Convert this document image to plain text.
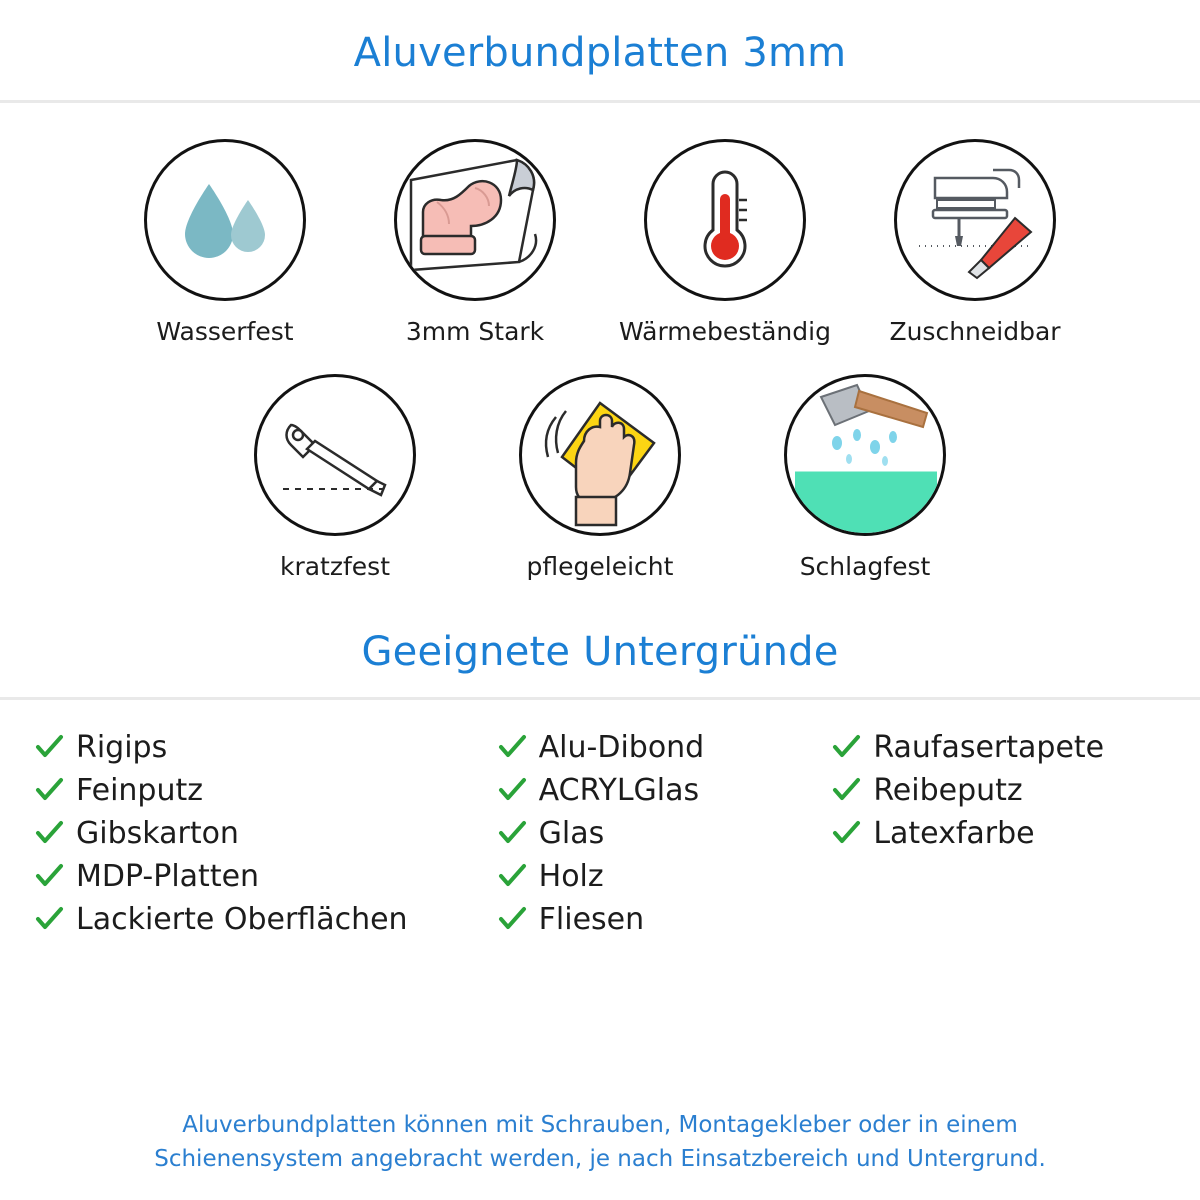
Aluverbundplatten 3mm
Wasserfest	3mm Stark	Wärmebeständig Zuschneidbar
kratzfest	pflegeleicht	Schlagfest
Geeignete Untergründe
Rigips
Feinputz
Gibskarton
MDP-Platten
Lackierte Oberflächen
Alu-Dibond
ACRYLGlas
Glas
Holz
Fliesen
Raufasertapete
Reibeputz
Latexfarbe
Aluverbundplatten können mit Schrauben, Montagekleber oder in einem
Schienensystem angebracht werden, je nach Einsatzbereich und Untergrund.
